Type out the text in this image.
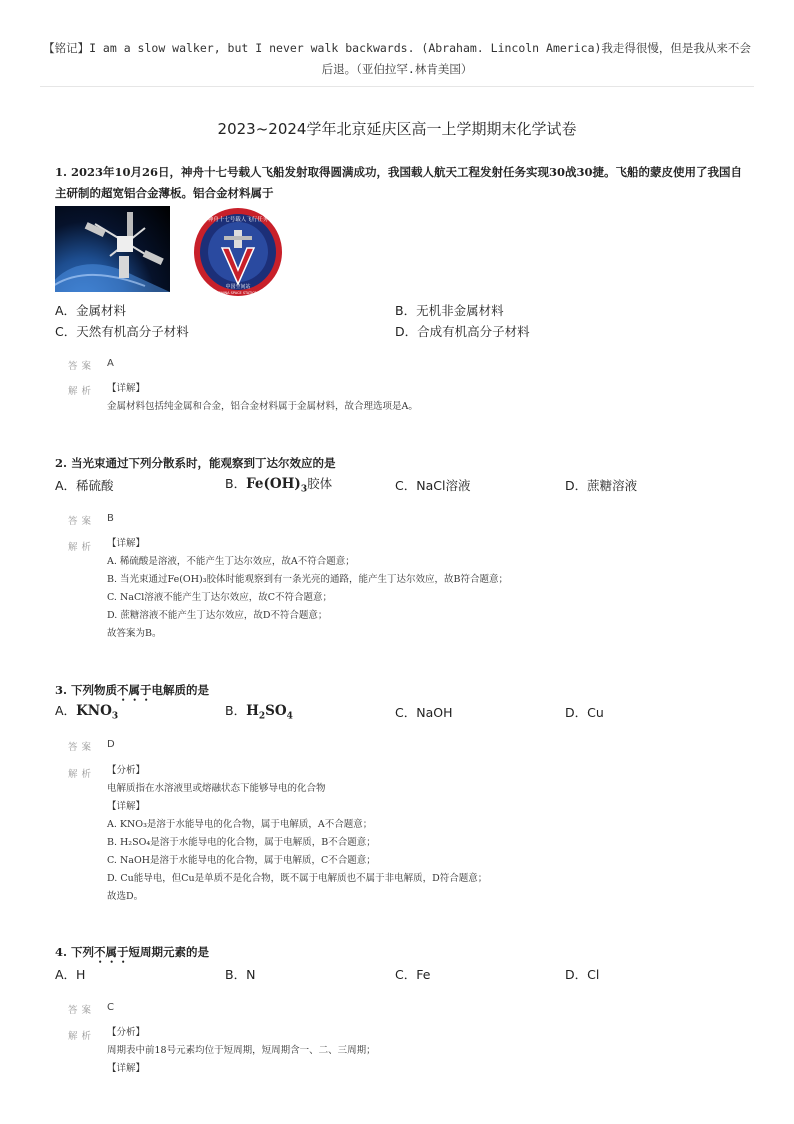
【铭记】I am a slow walker, but I never walk backwards. (Abraham. Lincoln America)我走得很慢，但是我从来不会后退。（亚伯拉罕.林肯美国）
2023~2024学年北京延庆区高一上学期期末化学试卷
1. 2023年10月26日，神舟十七号载人飞船发射取得圆满成功，我国载人航天工程发射任务实现30战30捷。飞船的蒙皮使用了我国自主研制的超宽铝合金薄板。铝合金材料属于
神舟十七号载人飞行任务
中国空间站
CHINA SPACE STATION
A．金属材料	B．无机非金属材料
C．天然有机高分子材料	D．合成有机高分子材料
答案 A
解析 【详解】
金属材料包括纯金属和合金，铝合金材料属于金属材料，故合理选项是A。
2. 当光束通过下列分散系时，能观察到丁达尔效应的是
A．稀硫酸	B．$Fe(OH)_3$胶体	C．NaCl溶液	D．蔗糖溶液
答案 B
解析 【详解】
A. 稀硫酸是溶液，不能产生丁达尔效应，故A不符合题意；
B. 当光束通过Fe(OH)₃胶体时能观察到有一条光亮的通路，能产生丁达尔效应，故B符合题意；
C. NaCl溶液不能产生丁达尔效应，故C不符合题意；
D. 蔗糖溶液不能产生丁达尔效应，故D不符合题意；
故答案为B。
3. 下列物质不属于电解质的是
A．$KNO_3$	B．$H_2SO_4$	C．NaOH	D．Cu
答案 D
解析 【分析】
电解质指在水溶液里或熔融状态下能够导电的化合物
【详解】
A. KNO₃是溶于水能导电的化合物，属于电解质，A不合题意；
B. H₂SO₄是溶于水能导电的化合物，属于电解质，B不合题意；
C. NaOH是溶于水能导电的化合物，属于电解质，C不合题意；
D. Cu能导电，但Cu是单质不是化合物，既不属于电解质也不属于非电解质，D符合题意；
故选D。
4. 下列不属于短周期元素的是
A．H	B．N	C．Fe	D．Cl
答案 C
解析 【分析】
周期表中前18号元素均位于短周期，短周期含一、二、三周期；
【详解】
